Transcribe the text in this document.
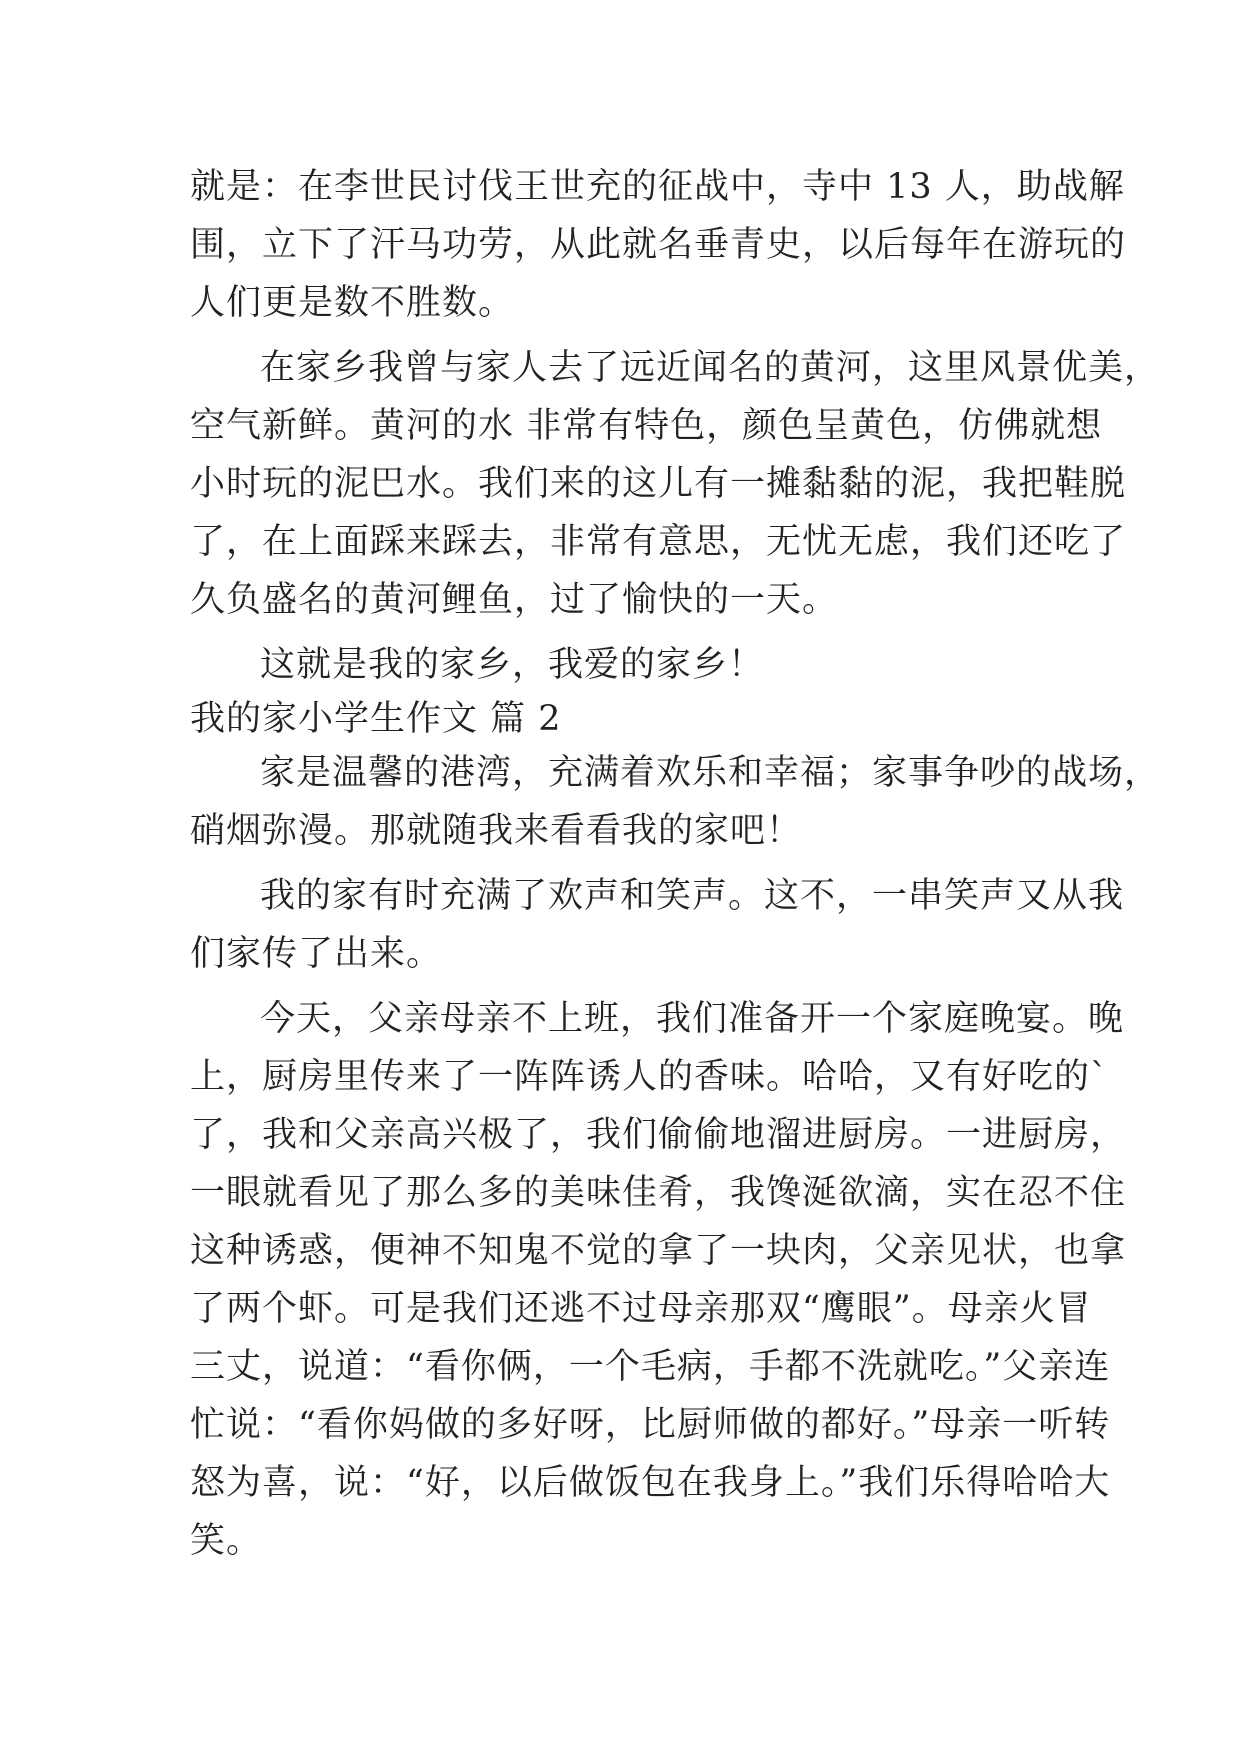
就是：在李世民讨伐王世充的征战中，寺中 13 人，助战解

围，立下了汗马功劳，从此就名垂青史，以后每年在游玩的

人们更是数不胜数。

在家乡我曾与家人去了远近闻名的黄河，这里风景优美，

空气新鲜。黄河的水 非常有特色，颜色呈黄色，仿佛就想

小时玩的泥巴水。我们来的这儿有一摊黏黏的泥，我把鞋脱

了，在上面踩来踩去，非常有意思，无忧无虑，我们还吃了

久负盛名的黄河鲤鱼，过了愉快的一天。

这就是我的家乡，我爱的家乡！

我的家小学生作文 篇 2

家是温馨的港湾，充满着欢乐和幸福；家事争吵的战场，

硝烟弥漫。那就随我来看看我的家吧！

我的家有时充满了欢声和笑声。这不，一串笑声又从我

们家传了出来。

今天，父亲母亲不上班，我们准备开一个家庭晚宴。晚

上，厨房里传来了一阵阵诱人的香味。哈哈，又有好吃的`

了，我和父亲高兴极了，我们偷偷地溜进厨房。一进厨房，

一眼就看见了那么多的美味佳肴，我馋涎欲滴，实在忍不住

这种诱惑，便神不知鬼不觉的拿了一块肉，父亲见状，也拿

了两个虾。可是我们还逃不过母亲那双“鹰眼”。母亲火冒

三丈，说道：“看你俩，一个毛病，手都不洗就吃。”父亲连

忙说：“看你妈做的多好呀，比厨师做的都好。”母亲一听转

怒为喜，说：“好，以后做饭包在我身上。”我们乐得哈哈大

笑。
